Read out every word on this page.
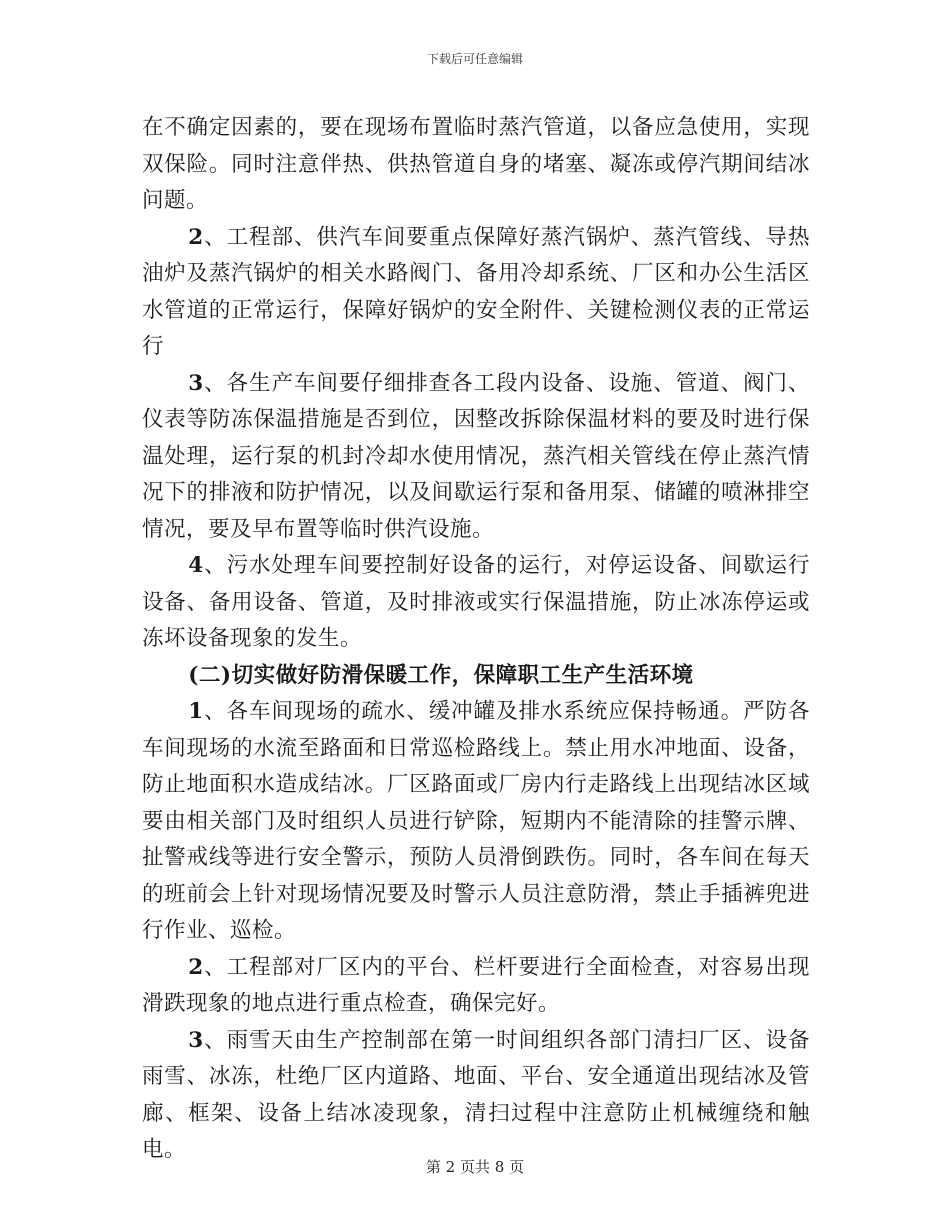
下载后可任意编辑

在不确定因素的，要在现场布置临时蒸汽管道，以备应急使用，实现双保险。同时注意伴热、供热管道自身的堵塞、凝冻或停汽期间结冰问题。

2、工程部、供汽车间要重点保障好蒸汽锅炉、蒸汽管线、导热油炉及蒸汽锅炉的相关水路阀门、备用冷却系统、厂区和办公生活区水管道的正常运行，保障好锅炉的安全附件、关键检测仪表的正常运行

3、各生产车间要仔细排查各工段内设备、设施、管道、阀门、仪表等防冻保温措施是否到位，因整改拆除保温材料的要及时进行保温处理，运行泵的机封冷却水使用情况，蒸汽相关管线在停止蒸汽情况下的排液和防护情况，以及间歇运行泵和备用泵、储罐的喷淋排空情况，要及早布置等临时供汽设施。

4、污水处理车间要控制好设备的运行，对停运设备、间歇运行设备、备用设备、管道，及时排液或实行保温措施，防止冰冻停运或冻坏设备现象的发生。

(二)切实做好防滑保暖工作，保障职工生产生活环境

1、各车间现场的疏水、缓冲罐及排水系统应保持畅通。严防各车间现场的水流至路面和日常巡检路线上。禁止用水冲地面、设备，防止地面积水造成结冰。厂区路面或厂房内行走路线上出现结冰区域要由相关部门及时组织人员进行铲除，短期内不能清除的挂警示牌、扯警戒线等进行安全警示，预防人员滑倒跌伤。同时，各车间在每天的班前会上针对现场情况要及时警示人员注意防滑，禁止手插裤兜进行作业、巡检。

2、工程部对厂区内的平台、栏杆要进行全面检查，对容易出现滑跌现象的地点进行重点检查，确保完好。

3、雨雪天由生产控制部在第一时间组织各部门清扫厂区、设备雨雪、冰冻，杜绝厂区内道路、地面、平台、安全通道出现结冰及管廊、框架、设备上结冰凌现象，清扫过程中注意防止机械缠绕和触电。

第 2 页共 8 页
